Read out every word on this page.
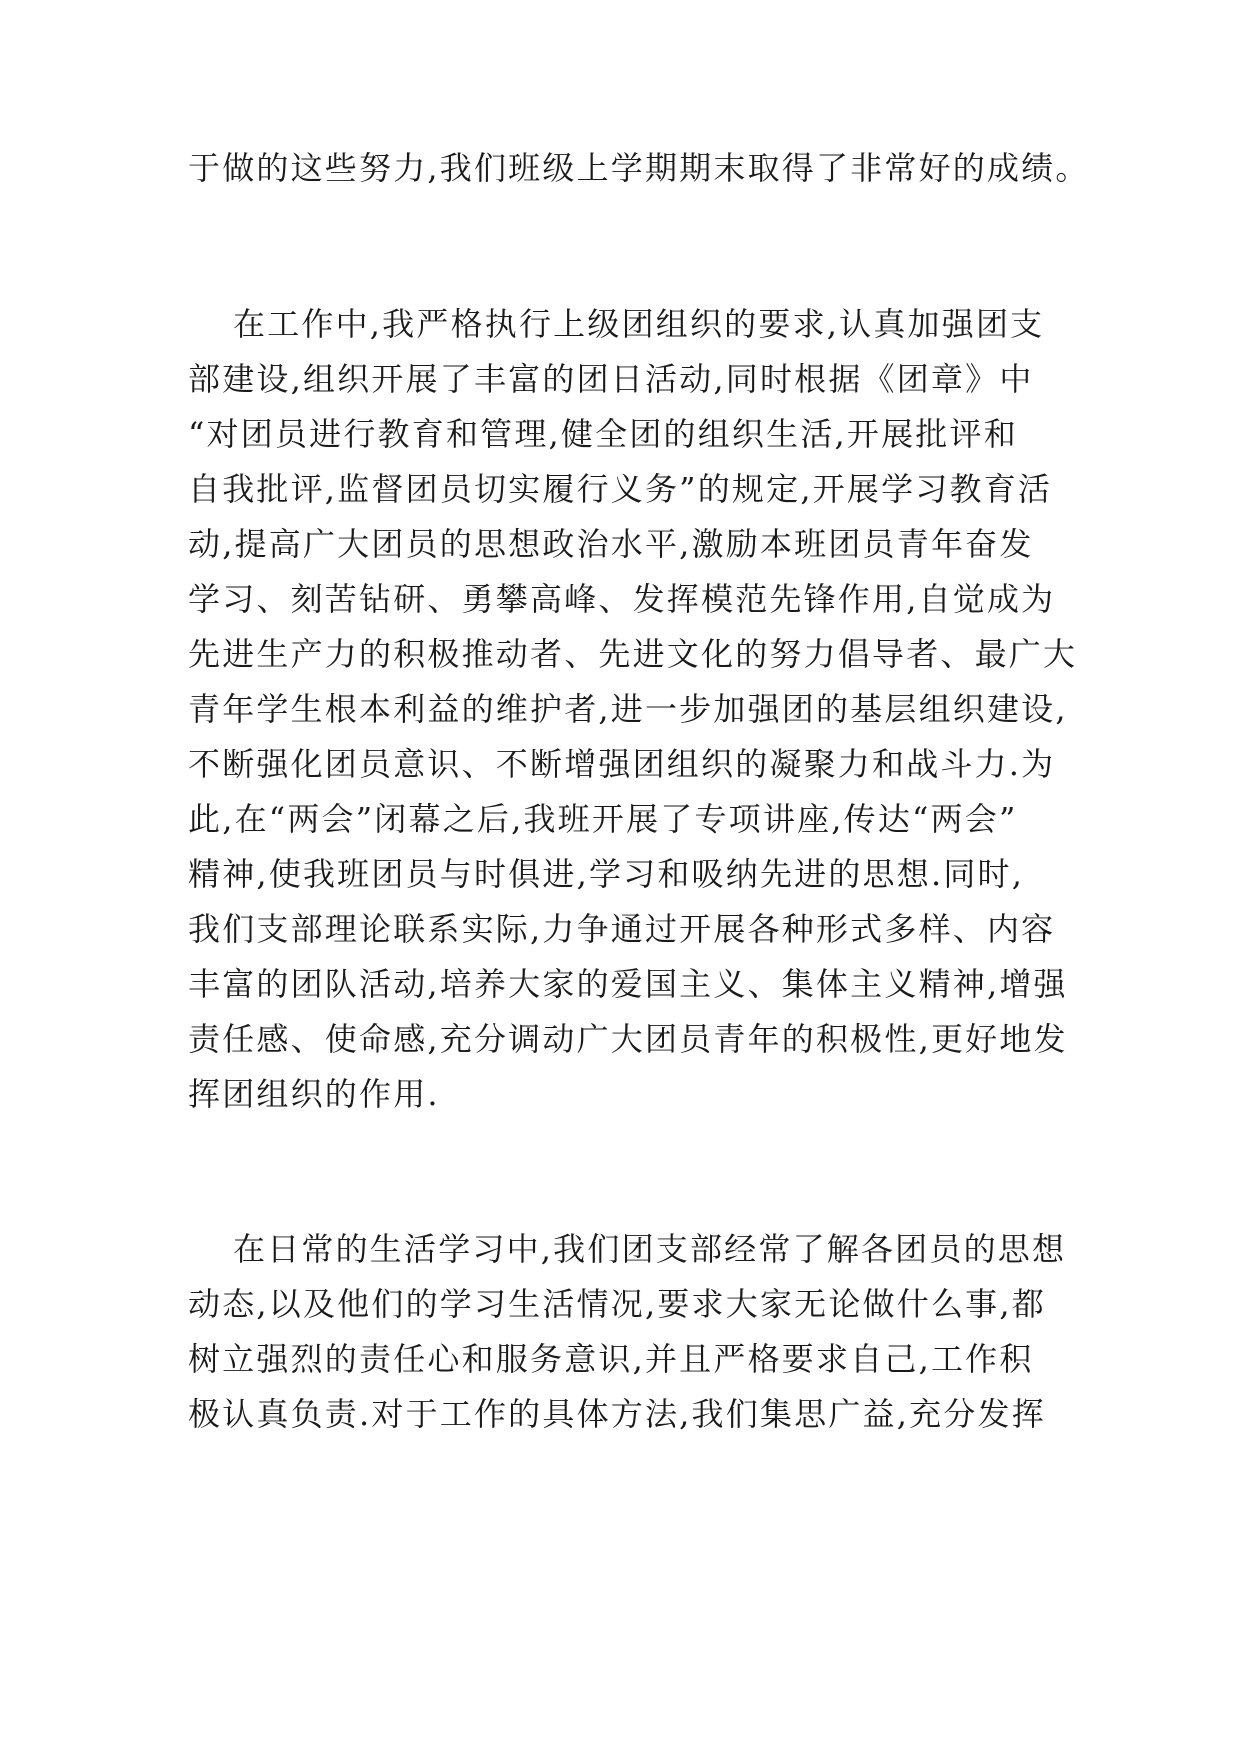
于做的这些努力,我们班级上学期期末取得了非常好的成绩。
在工作中,我严格执行上级团组织的要求,认真加强团支
部建设,组织开展了丰富的团日活动,同时根据《团章》中
“对团员进行教育和管理,健全团的组织生活,开展批评和
自我批评,监督团员切实履行义务”的规定,开展学习教育活
动,提高广大团员的思想政治水平,激励本班团员青年奋发
学习、刻苦钻研、勇攀高峰、发挥模范先锋作用,自觉成为
先进生产力的积极推动者、先进文化的努力倡导者、最广大
青年学生根本利益的维护者,进一步加强团的基层组织建设,
不断强化团员意识、不断增强团组织的凝聚力和战斗力.为
此,在“两会”闭幕之后,我班开展了专项讲座,传达“两会”
精神,使我班团员与时俱进,学习和吸纳先进的思想.同时,
我们支部理论联系实际,力争通过开展各种形式多样、内容
丰富的团队活动,培养大家的爱国主义、集体主义精神,增强
责任感、使命感,充分调动广大团员青年的积极性,更好地发
挥团组织的作用.
在日常的生活学习中,我们团支部经常了解各团员的思想
动态,以及他们的学习生活情况,要求大家无论做什么事,都
树立强烈的责任心和服务意识,并且严格要求自己,工作积
极认真负责.对于工作的具体方法,我们集思广益,充分发挥
